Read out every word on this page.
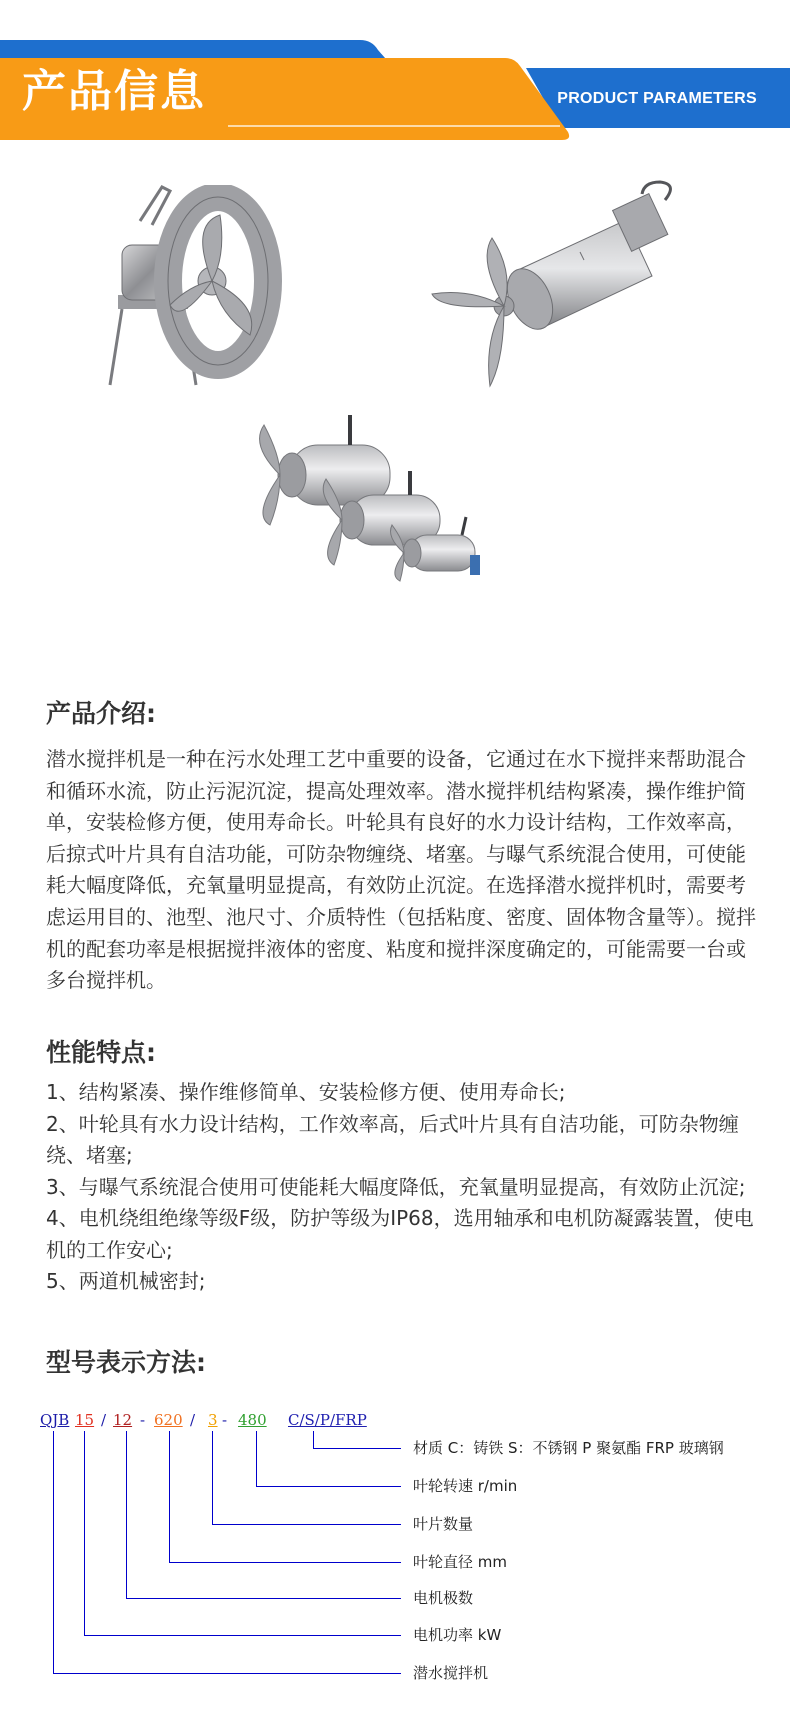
产品信息	PRODUCT PARAMETERS
产品介绍:

潜水搅拌机是一种在污水处理工艺中重要的设备，它通过在水下搅拌来帮助混合和循环水流，防止污泥沉淀，提高处理效率。潜水搅拌机结构紧凑，操作维护简单，安装检修方便，使用寿命长。叶轮具有良好的水力设计结构，工作效率高，后掠式叶片具有自洁功能，可防杂物缠绕、堵塞。与曝气系统混合使用，可使能耗大幅度降低，充氧量明显提高，有效防止沉淀。在选择潜水搅拌机时，需要考虑运用目的、池型、池尺寸、介质特性（包括粘度、密度、固体物含量等）。搅拌机的配套功率是根据搅拌液体的密度、粘度和搅拌深度确定的，可能需要一台或多台搅拌机。

性能特点:
1、结构紧凑、操作维修简单、安装检修方便、使用寿命长;
2、叶轮具有水力设计结构，工作效率高，后式叶片具有自洁功能，可防杂物缠绕、堵塞;
3、与曝气系统混合使用可使能耗大幅度降低，充氧量明显提高，有效防止沉淀;
4、电机绕组绝缘等级F级，防护等级为IP68，选用轴承和电机防凝露装置，使电机的工作安心;
5、两道机械密封;
型号表示方法:
QJB 15 / 12 - 620 / 3 - 480 C/S/P/FRP
材质 C：铸铁 S：不锈钢 P 聚氨酯 FRP 玻璃钢
叶轮转速 r/min
叶片数量
叶轮直径 mm
电机极数
电机功率 kW
潜水搅拌机
